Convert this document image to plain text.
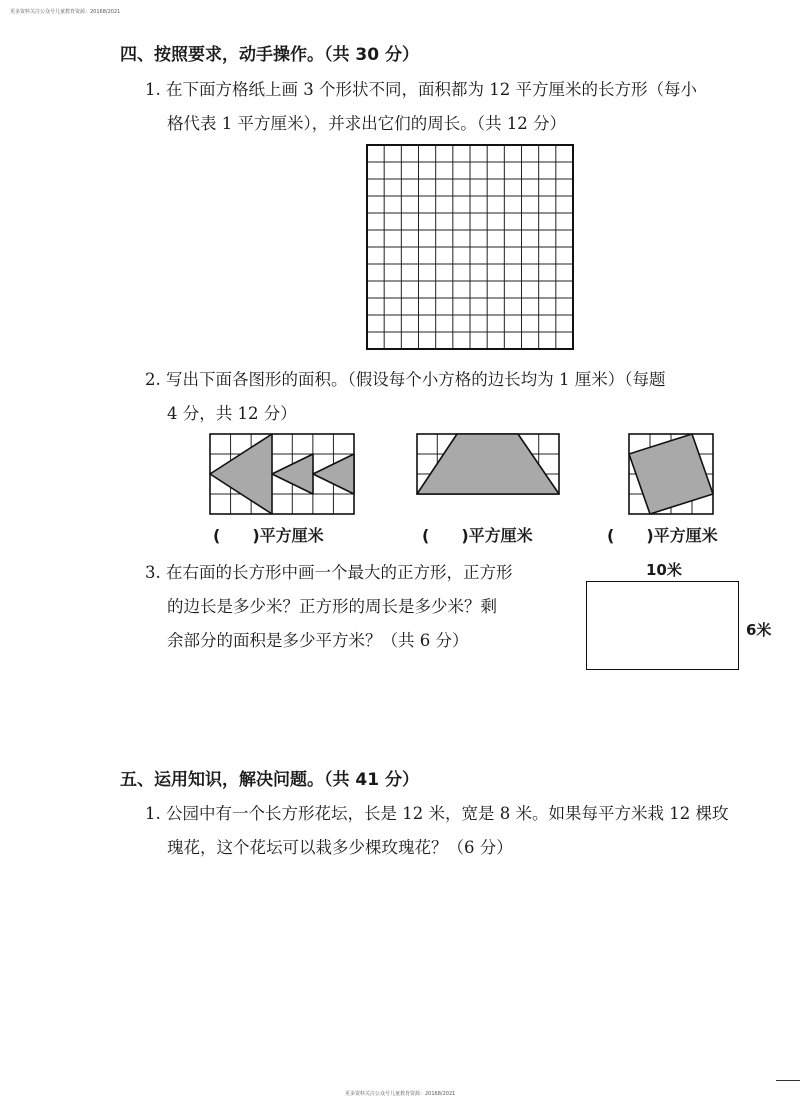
更多资料关注公众号儿童教育资源：20168/2021
更多资料关注公众号儿童教育资源：20168/2021
四、按照要求，动手操作。（共 30 分）
1. 在下面方格纸上画 3 个形状不同，面积都为 12 平方厘米的长方形（每小
格代表 1 平方厘米），并求出它们的周长。（共 12 分）
2. 写出下面各图形的面积。（假设每个小方格的边长均为 1 厘米）（每题
4 分，共 12 分）
(　　)平方厘米	(　　)平方厘米	(　　)平方厘米
3. 在右面的长方形中画一个最大的正方形，正方形
的边长是多少米？正方形的周长是多少米？剩
余部分的面积是多少平方米？（共 6 分）
10米
6米
五、运用知识，解决问题。（共 41 分）
1. 公园中有一个长方形花坛，长是 12 米，宽是 8 米。如果每平方米栽 12 棵玫
瑰花，这个花坛可以栽多少棵玫瑰花？（6 分）
